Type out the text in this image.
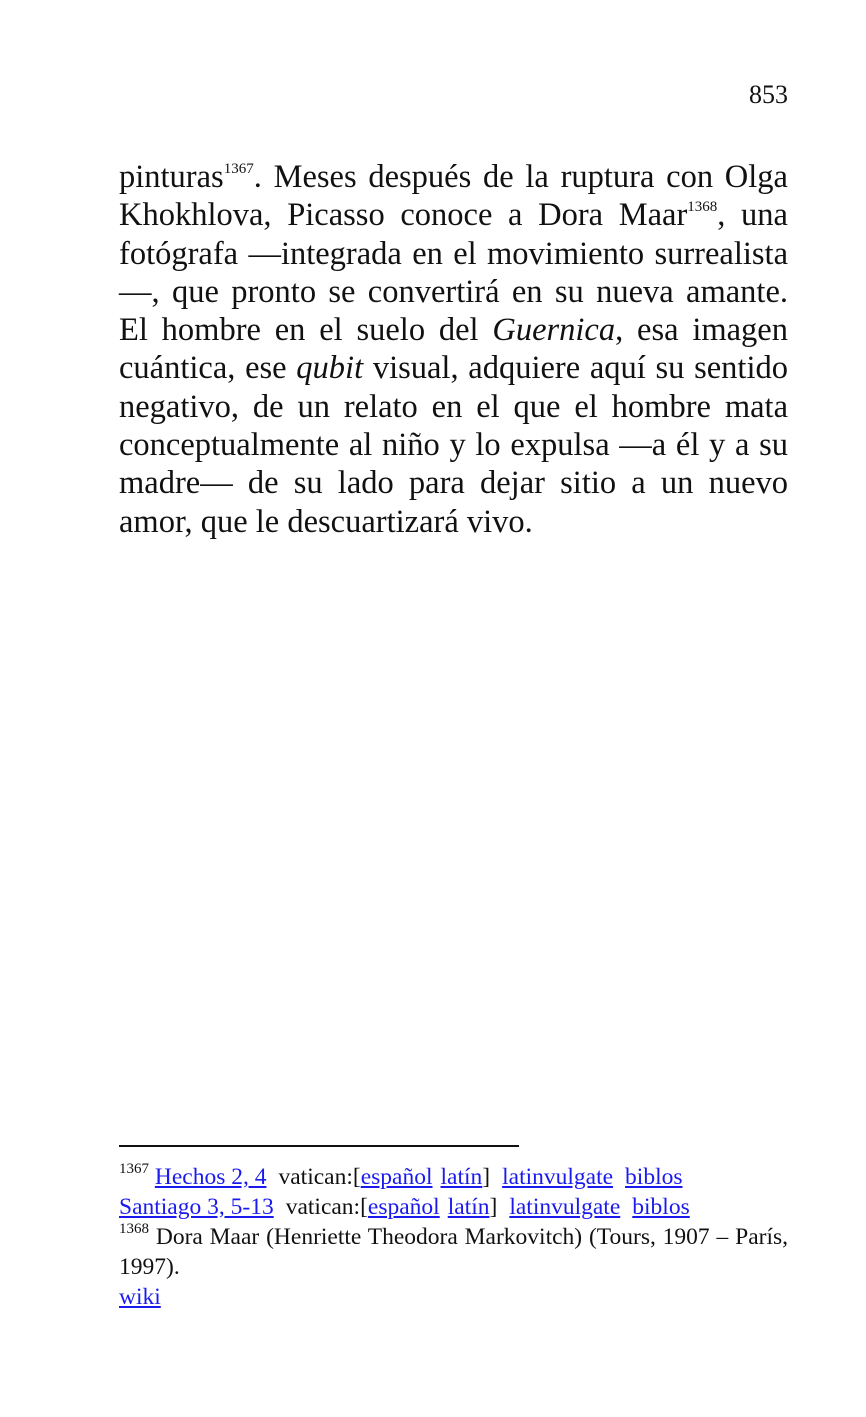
853
pinturas$^{1367}$. Meses después de la ruptura con Olga Khokhlova, Picasso conoce a Dora Maar$^{1368}$, una fotógrafa —integrada en el movimiento surrealista—, que pronto se convertirá en su nueva amante. El hombre en el suelo del Guernica, esa imagen cuántica, ese qubit visual, adquiere aquí su sentido negativo, de un relato en el que el hombre mata conceptualmente al niño y lo expulsa —a él y a su madre— de su lado para dejar sitio a un nuevo amor, que le descuartizará vivo.
$^{1367}$ Hechos 2, 4 vatican:[español latín] latinvulgate biblos
Santiago 3, 5-13 vatican:[español latín] latinvulgate biblos
$^{1368}$ Dora Maar (Henriette Theodora Markovitch) (Tours, 1907 – París, 1997).
wiki
